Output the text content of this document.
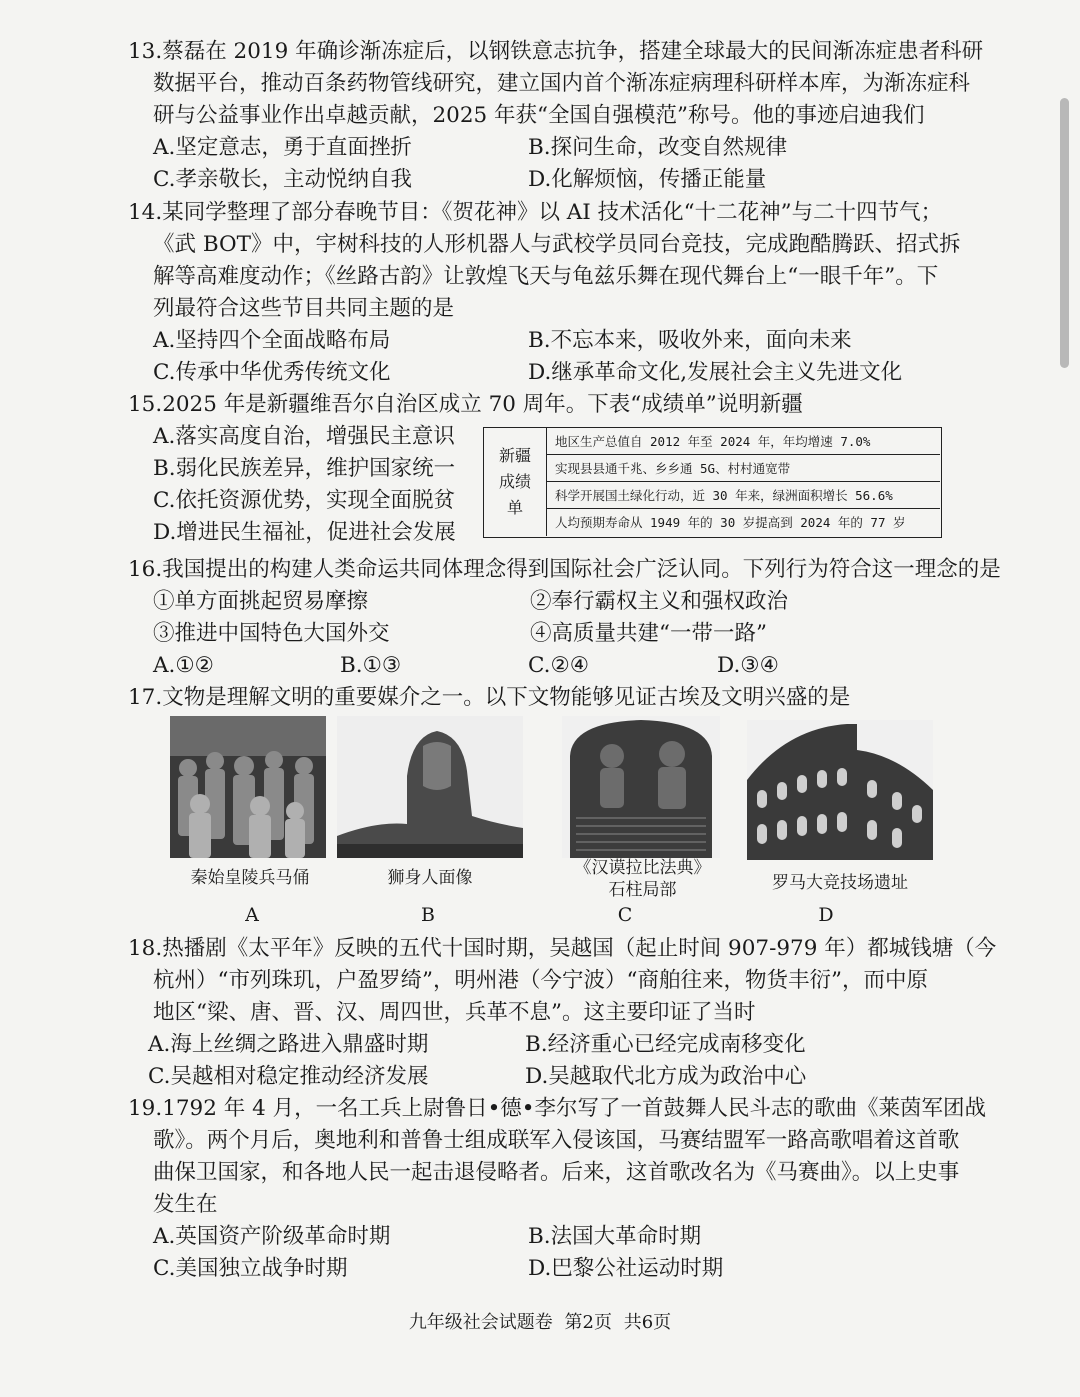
13.蔡磊在 2019 年确诊渐冻症后，以钢铁意志抗争，搭建全球最大的民间渐冻症患者科研
数据平台，推动百条药物管线研究，建立国内首个渐冻症病理科研样本库，为渐冻症科
研与公益事业作出卓越贡献，2025 年获“全国自强模范”称号。他的事迹启迪我们
A.坚定意志，勇于直面挫折	B.探问生命，改变自然规律
C.孝亲敬长，主动悦纳自我	D.化解烦恼，传播正能量
14.某同学整理了部分春晚节目：《贺花神》以 AI 技术活化“十二花神”与二十四节气；
《武 BOT》中，宇树科技的人形机器人与武校学员同台竞技，完成跑酷腾跃、招式拆
解等高难度动作；《丝路古韵》让敦煌飞天与龟兹乐舞在现代舞台上“一眼千年”。下
列最符合这些节目共同主题的是
A.坚持四个全面战略布局	B.不忘本来，吸收外来，面向未来
C.传承中华优秀传统文化	D.继承革命文化,发展社会主义先进文化
15.2025 年是新疆维吾尔自治区成立 70 周年。下表“成绩单”说明新疆
A.落实高度自治，增强民主意识
B.弱化民族差异，维护国家统一
C.依托资源优势，实现全面脱贫
D.增进民生福祉，促进社会发展
新疆
成绩
单
地区生产总值自 2012 年至 2024 年，年均增速 7.0%
实现县县通千兆、乡乡通 5G、村村通宽带
科学开展国土绿化行动，近 30 年来，绿洲面积增长 56.6%
人均预期寿命从 1949 年的 30 岁提高到 2024 年的 77 岁
16.我国提出的构建人类命运共同体理念得到国际社会广泛认同。下列行为符合这一理念的是
①单方面挑起贸易摩擦	②奉行霸权主义和强权政治
③推进中国特色大国外交	④高质量共建“一带一路”
A.①②	B.①③	C.②④	D.③④
17.文物是理解文明的重要媒介之一。以下文物能够见证古埃及文明兴盛的是
秦始皇陵兵马俑	狮身人面像	《汉谟拉比法典》
石柱局部	罗马大竞技场遗址
A	B	C	D
18.热播剧《太平年》反映的五代十国时期，吴越国（起止时间 907-979 年）都城钱塘（今
杭州）“市列珠玑，户盈罗绮”，明州港（今宁波）“商舶往来，物货丰衍”，而中原
地区“梁、唐、晋、汉、周四世，兵革不息”。这主要印证了当时
A.海上丝绸之路进入鼎盛时期	B.经济重心已经完成南移变化
C.吴越相对稳定推动经济发展	D.吴越取代北方成为政治中心
19.1792 年 4 月，一名工兵上尉鲁日•德•李尔写了一首鼓舞人民斗志的歌曲《莱茵军团战
歌》。两个月后，奥地利和普鲁士组成联军入侵该国，马赛结盟军一路高歌唱着这首歌
曲保卫国家，和各地人民一起击退侵略者。后来，这首歌改名为《马赛曲》。以上史事
发生在
A.英国资产阶级革命时期	B.法国大革命时期
C.美国独立战争时期	D.巴黎公社运动时期
九年级社会试题卷 第2页 共6页
